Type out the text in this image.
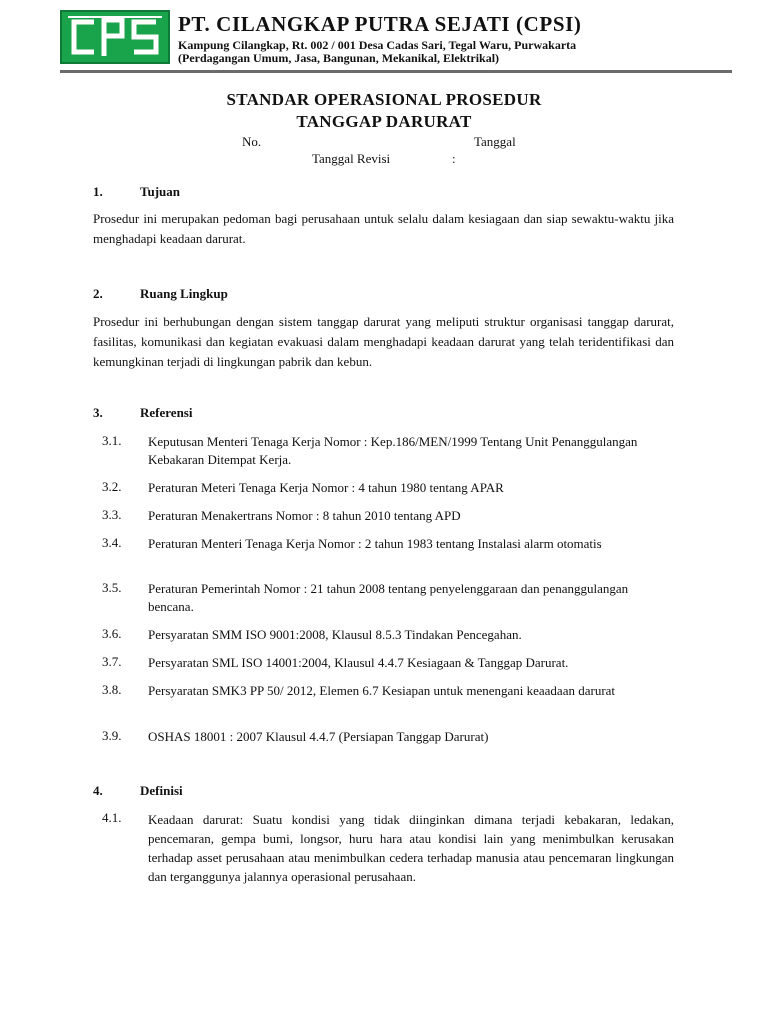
PT. CILANGKAP PUTRA SEJATI (CPSI)
Kampung Cilangkap, Rt. 002 / 001 Desa Cadas Sari, Tegal Waru, Purwakarta
(Perdagangan Umum, Jasa, Bangunan, Mekanikal, Elektrikal)
STANDAR OPERASIONAL PROSEDUR
TANGGAP DARURAT
No.	Tanggal
Tanggal Revisi	:
1.	Tujuan
Prosedur ini merupakan pedoman bagi perusahaan untuk selalu dalam kesiagaan dan siap sewaktu-waktu jika menghadapi keadaan darurat.
2.	Ruang Lingkup
Prosedur ini berhubungan dengan sistem tanggap darurat yang meliputi struktur organisasi tanggap darurat, fasilitas, komunikasi dan kegiatan evakuasi dalam menghadapi keadaan darurat yang telah teridentifikasi dan kemungkinan terjadi di lingkungan pabrik dan kebun.
3.	Referensi
3.1. Keputusan Menteri Tenaga Kerja Nomor : Kep.186/MEN/1999 Tentang Unit Penanggulangan Kebakaran Ditempat Kerja.
3.2. Peraturan Meteri Tenaga Kerja Nomor : 4 tahun 1980 tentang APAR
3.3. Peraturan Menakertrans Nomor : 8 tahun 2010 tentang APD
3.4. Peraturan Menteri Tenaga Kerja Nomor : 2 tahun 1983 tentang Instalasi alarm otomatis
3.5. Peraturan Pemerintah Nomor : 21 tahun 2008 tentang penyelenggaraan dan penanggulangan bencana.
3.6. Persyaratan SMM ISO 9001:2008, Klausul 8.5.3 Tindakan Pencegahan.
3.7. Persyaratan SML ISO 14001:2004, Klausul 4.4.7 Kesiagaan & Tanggap Darurat.
3.8. Persyaratan SMK3 PP 50/ 2012, Elemen 6.7 Kesiapan untuk menengani keaadaan darurat
3.9. OSHAS 18001 : 2007 Klausul 4.4.7 (Persiapan Tanggap Darurat)
4.	Definisi
4.1. Keadaan darurat: Suatu kondisi yang tidak diinginkan dimana terjadi kebakaran, ledakan, pencemaran, gempa bumi, longsor, huru hara atau kondisi lain yang menimbulkan kerusakan terhadap asset perusahaan atau menimbulkan cedera terhadap manusia atau pencemaran lingkungan dan terganggunya jalannya operasional perusahaan.
